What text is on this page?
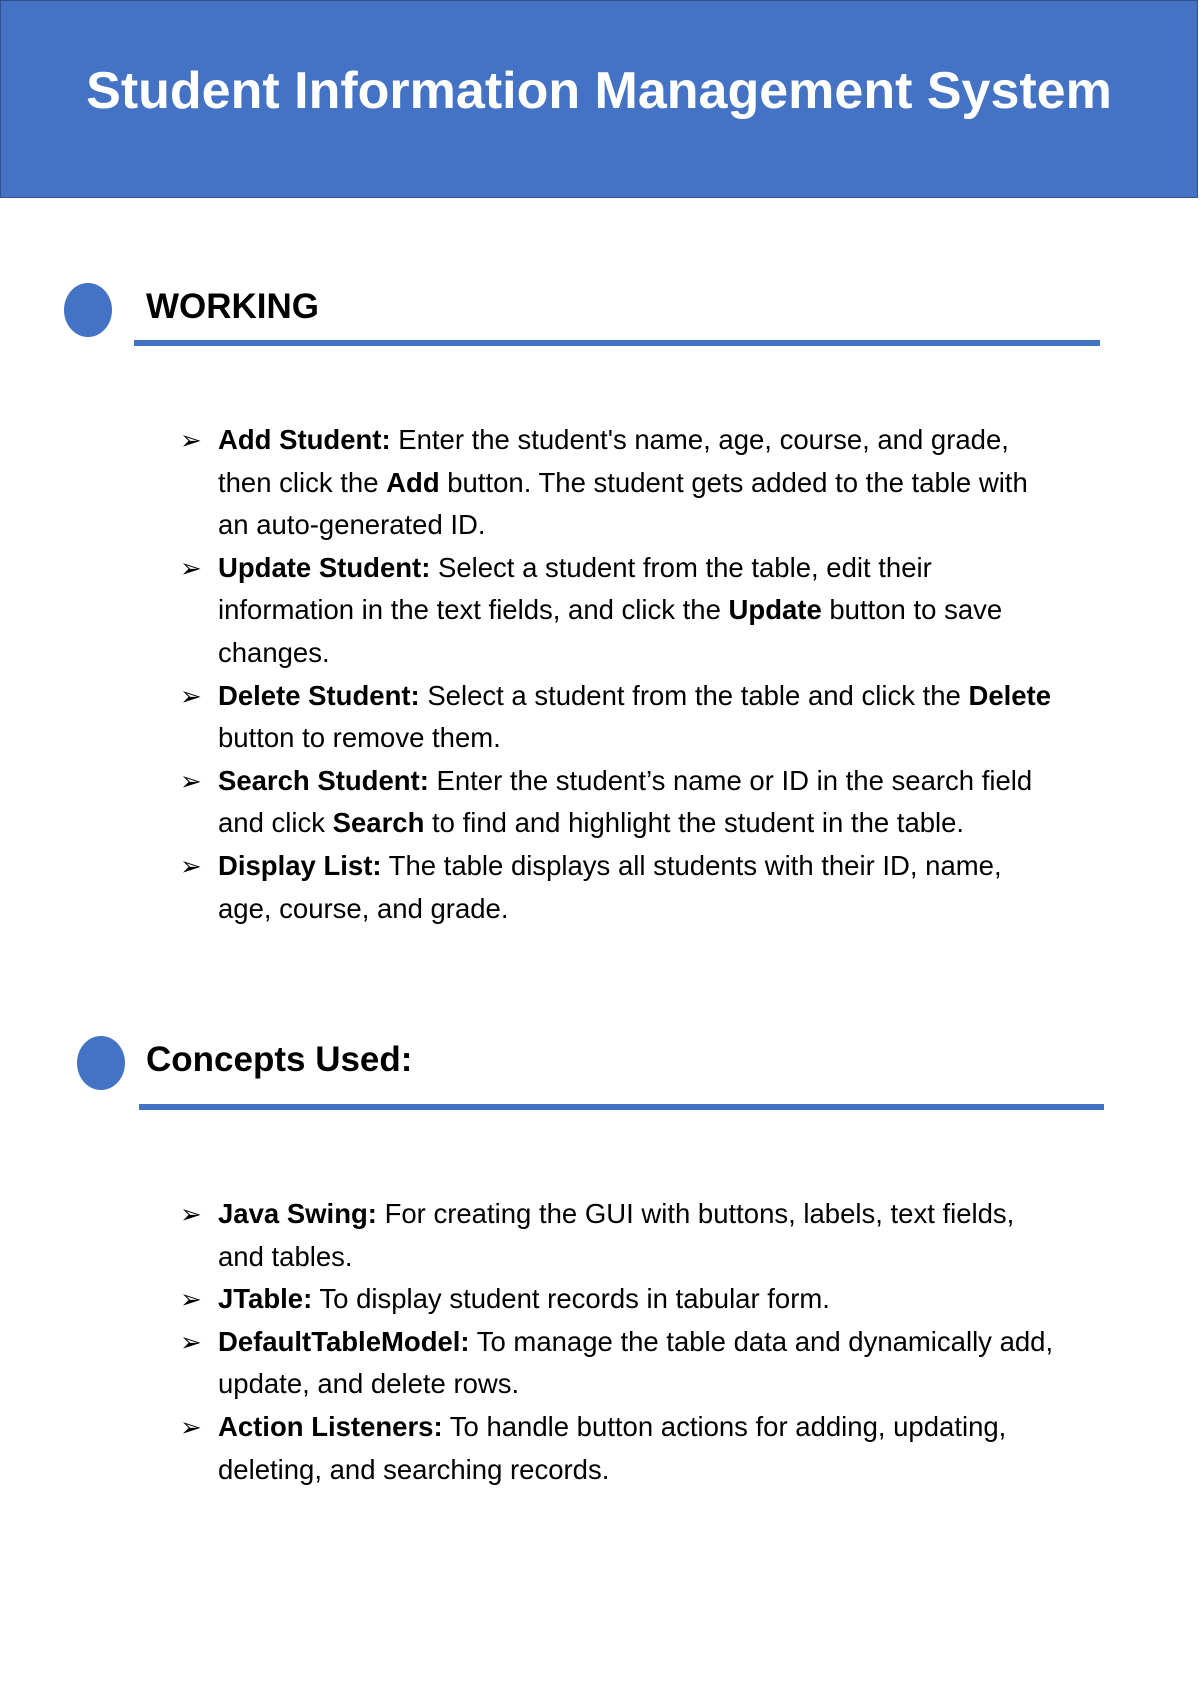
Student Information Management System
WORKING
➢ Add Student: Enter the student's name, age, course, and grade, then click the Add button. The student gets added to the table with an auto-generated ID.
➢ Update Student: Select a student from the table, edit their information in the text fields, and click the Update button to save changes.
➢ Delete Student: Select a student from the table and click the Delete button to remove them.
➢ Search Student: Enter the student’s name or ID in the search field and click Search to find and highlight the student in the table.
➢ Display List: The table displays all students with their ID, name, age, course, and grade.
Concepts Used:
➢ Java Swing: For creating the GUI with buttons, labels, text fields, and tables.
➢ JTable: To display student records in tabular form.
➢ DefaultTableModel: To manage the table data and dynamically add, update, and delete rows.
➢ Action Listeners: To handle button actions for adding, updating, deleting, and searching records.
